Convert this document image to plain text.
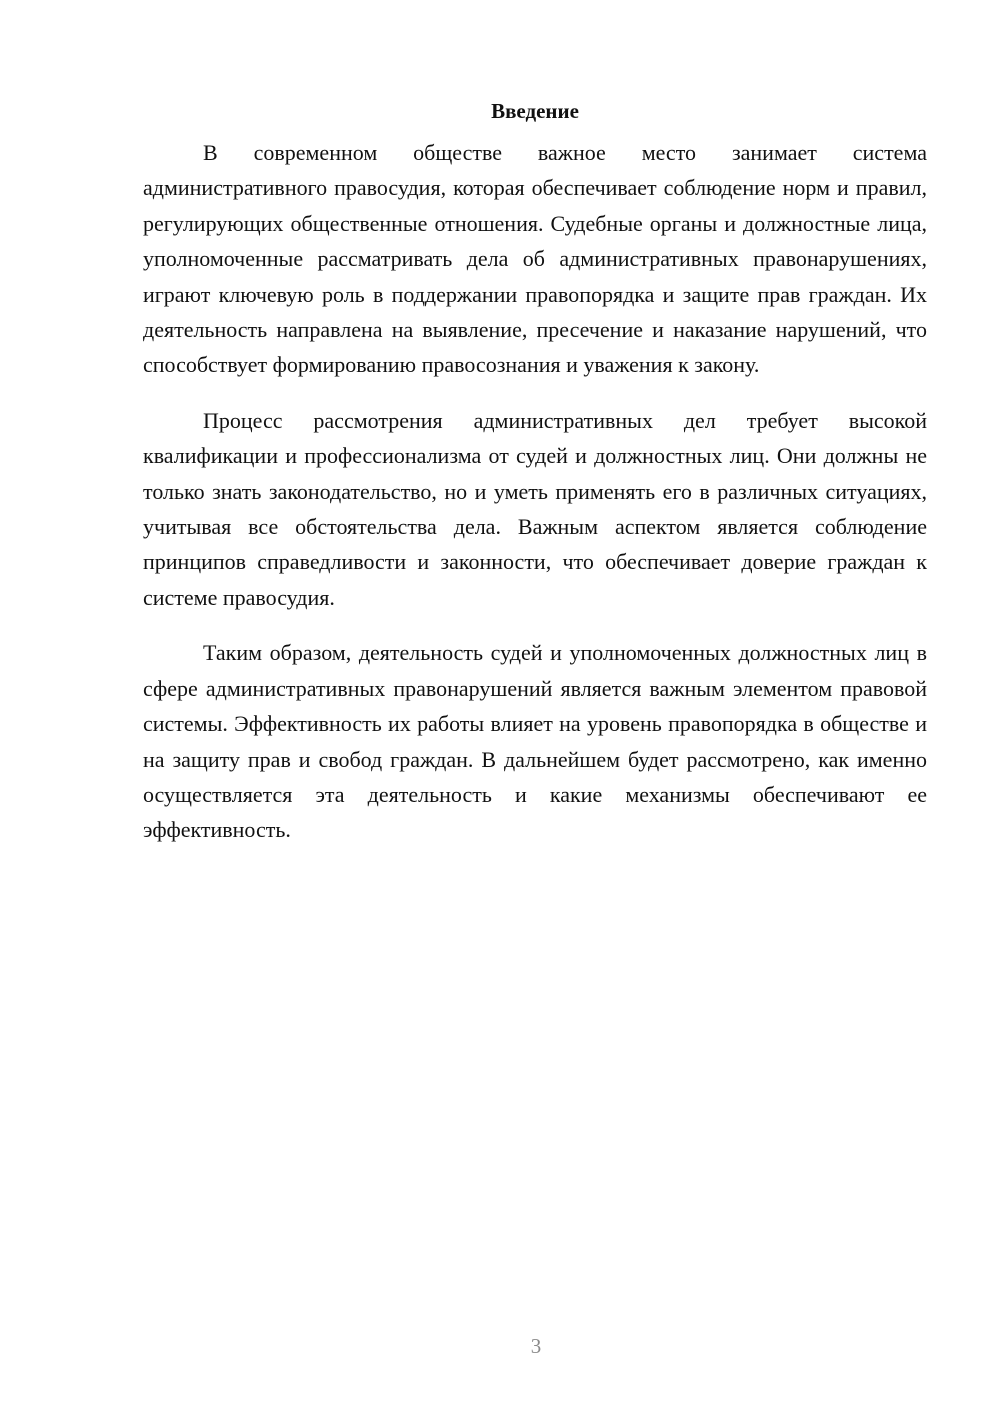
Введение

В современном обществе важное место занимает система административного правосудия, которая обеспечивает соблюдение норм и правил, регулирующих общественные отношения. Судебные органы и должностные лица, уполномоченные рассматривать дела об административных правонарушениях, играют ключевую роль в поддержании правопорядка и защите прав граждан. Их деятельность направлена на выявление, пресечение и наказание нарушений, что способствует формированию правосознания и уважения к закону.

Процесс рассмотрения административных дел требует высокой квалификации и профессионализма от судей и должностных лиц. Они должны не только знать законодательство, но и уметь применять его в различных ситуациях, учитывая все обстоятельства дела. Важным аспектом является соблюдение принципов справедливости и законности, что обеспечивает доверие граждан к системе правосудия.

Таким образом, деятельность судей и уполномоченных должностных лиц в сфере административных правонарушений является важным элементом правовой системы. Эффективность их работы влияет на уровень правопорядка в обществе и на защиту прав и свобод граждан. В дальнейшем будет рассмотрено, как именно осуществляется эта деятельность и какие механизмы обеспечивают ее эффективность.

3
